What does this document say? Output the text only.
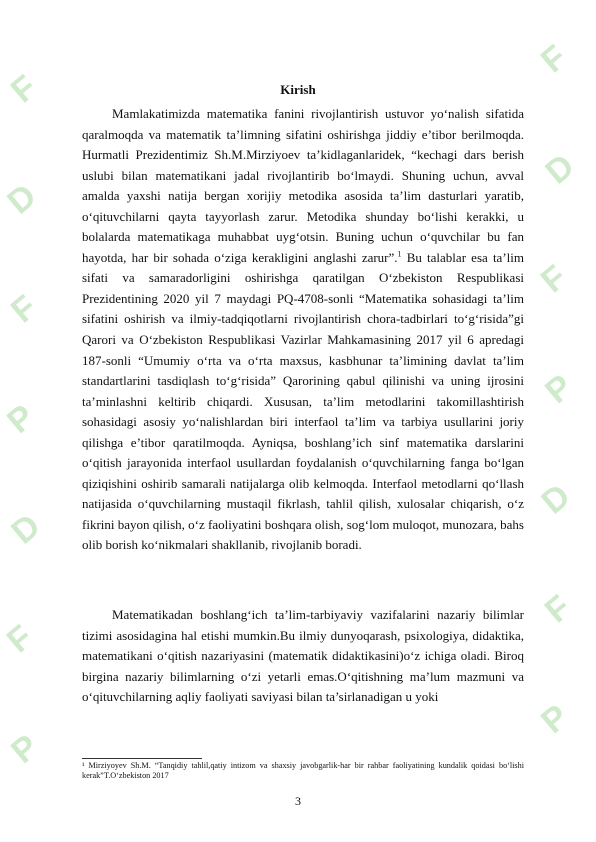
F
D
F
P
D
F
P
F
D
F
P
D
F
P
Kirish

Mamlakatimizda matematika fanini rivojlantirish ustuvor yo‘nalish sifatida qaralmoqda va matematik ta’limning sifatini oshirishga jiddiy e’tibor berilmoqda. Hurmatli Prezidentimiz Sh.M.Mirziyoev ta’kidlaganlaridek, “kechagi dars berish uslubi bilan matematikani jadal rivojlantirib bo‘lmaydi. Shuning uchun, avval amalda yaxshi natija bergan xorijiy metodika asosida ta’lim dasturlari yaratib, o‘qituvchilarni qayta tayyorlash zarur. Metodika shunday bo‘lishi kerakki, u bolalarda matematikaga muhabbat uyg‘otsin. Buning uchun o‘quvchilar bu fan hayotda, har bir sohada o‘ziga kerakligini anglashi zarur”.$^1$ Bu talablar esa ta’lim sifati va samaradorligini oshirishga qaratilgan O‘zbekiston Respublikasi Prezidentining 2020 yil 7 maydagi PQ-4708-sonli “Matematika sohasidagi ta’lim sifatini oshirish va ilmiy-tadqiqotlarni rivojlantirish chora-tadbirlari to‘g‘risida”gi Qarori va O‘zbekiston Respublikasi Vazirlar Mahkamasining 2017 yil 6 apredagi 187-sonli “Umumiy o‘rta va o‘rta maxsus, kasbhunar ta’limining davlat ta’lim standartlarini tasdiqlash to‘g‘risida” Qarorining qabul qilinishi va uning ijrosini ta’minlashni keltirib chiqardi. Xususan, ta’lim metodlarini takomillashtirish sohasidagi asosiy yo‘nalishlardan biri interfaol ta’lim va tarbiya usullarini joriy qilishga e’tibor qaratilmoqda. Ayniqsa, boshlang’ich sinf matematika darslarini o‘qitish jarayonida interfaol usullardan foydalanish o‘quvchilarning fanga bo‘lgan qiziqishini oshirib samarali natijalarga olib kelmoqda. Interfaol metodlarni qo‘llash natijasida o‘quvchilarning mustaqil fikrlash, tahlil qilish, xulosalar chiqarish, o‘z fikrini bayon qilish, o‘z faoliyatini boshqara olish, sog‘lom muloqot, munozara, bahs olib borish ko‘nikmalari shakllanib, rivojlanib boradi.

Matematikadan boshlang‘ich ta’lim-tarbiyaviy vazifalarini nazariy bilimlar tizimi asosidagina hal etishi mumkin.Bu ilmiy dunyoqarash, psixologiya, didaktika, matematikani o‘qitish nazariyasini (matematik didaktikasini)o‘z ichiga oladi. Biroq birgina nazariy bilimlarning o‘zi yetarli emas.O‘qitishning ma’lum mazmuni va o‘qituvchilarning aqliy faoliyati saviyasi bilan ta’sirlanadigan u yoki

¹ Mirziyoyev Sh.M. “Tanqidiy tahlil,qatiy intizom va shaxsiy javobgarlik-har bir rahbar faoliyatining kundalik qoidasi bo‘lishi kerak”T.O‘zbekiston 2017

3
